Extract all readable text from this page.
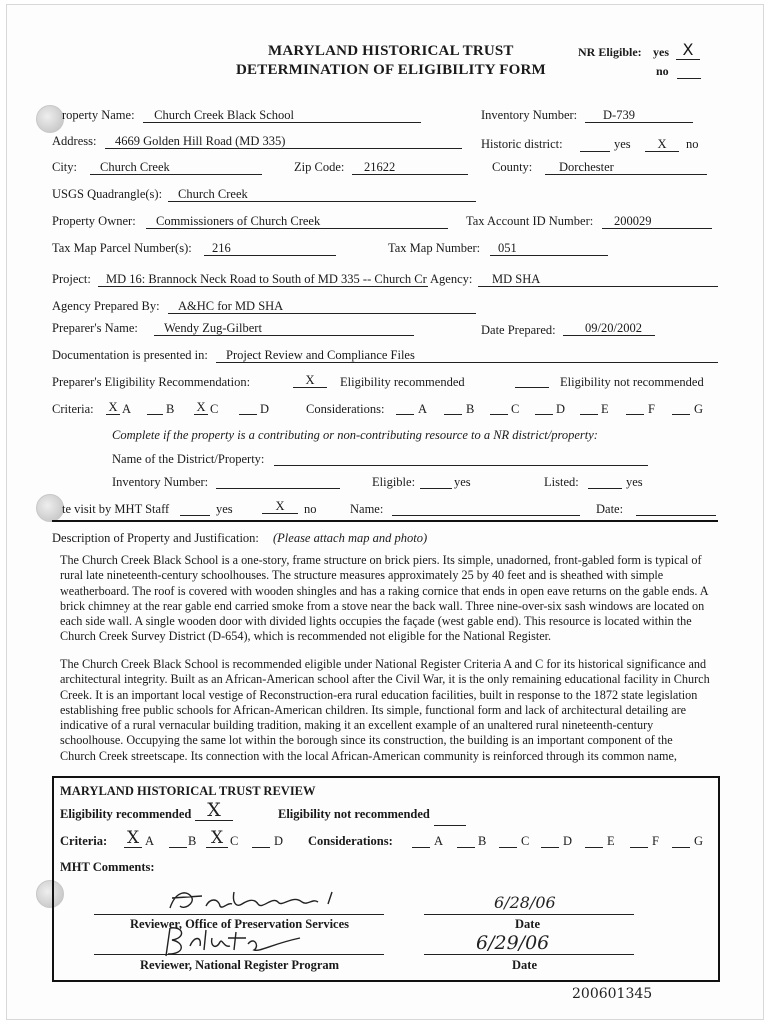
MARYLAND HISTORICAL TRUST
DETERMINATION OF ELIGIBILITY FORM
NR Eligible: yes X
no
roperty Name:	Church Creek Black School	Inventory Number:	D-739
Address:	4669 Golden Hill Road (MD 335)	Historic district:	yes	X	no
City:	Church Creek	Zip Code:	21622	County:	Dorchester
USGS Quadrangle(s):	Church Creek
Property Owner:	Commissioners of Church Creek	Tax Account ID Number:	200029
Tax Map Parcel Number(s):	216	Tax Map Number:	051
Project:	MD 16: Brannock Neck Road to South of MD 335 -- Church Cr Agency:	MD SHA
Agency Prepared By:	A&HC for MD SHA
Preparer's Name:	Wendy Zug-Gilbert	Date Prepared:	09/20/2002
Documentation is presented in:	Project Review and Compliance Files
Preparer's Eligibility Recommendation:	X	Eligibility recommended	Eligibility not recommended
Criteria: X A	B X C	D	Considerations:	A	B	C	D	E	F	G
Complete if the property is a contributing or non-contributing resource to a NR district/property:
Name of the District/Property:
Inventory Number:	Eligible:	yes	Listed:	yes
te visit by MHT Staff	yes	X	no	Name:	Date:
Description of Property and Justification: (Please attach map and photo)
The Church Creek Black School is a one-story, frame structure on brick piers. Its simple, unadorned, front-gabled form is typical of rural late nineteenth-century schoolhouses. The structure measures approximately 25 by 40 feet and is sheathed with simple weatherboard. The roof is covered with wooden shingles and has a raking cornice that ends in open eave returns on the gable ends. A brick chimney at the rear gable end carried smoke from a stove near the back wall. Three nine-over-six sash windows are located on each side wall. A single wooden door with divided lights occupies the façade (west gable end). This resource is located within the Church Creek Survey District (D-654), which is recommended not eligible for the National Register.
The Church Creek Black School is recommended eligible under National Register Criteria A and C for its historical significance and architectural integrity. Built as an African-American school after the Civil War, it is the only remaining educational facility in Church Creek. It is an important local vestige of Reconstruction-era rural education facilities, built in response to the 1872 state legislation establishing free public schools for African-American children. Its simple, functional form and lack of architectural detailing are indicative of a rural vernacular building tradition, making it an excellent example of an unaltered rural nineteenth-century schoolhouse. Occupying the same lot within the borough since its construction, the building is an important component of the Church Creek streetscape. Its connection with the local African-American community is reinforced through its common name,
MARYLAND HISTORICAL TRUST REVIEW
Eligibility recommended X	Eligibility not recommended
Criteria: X A	B X C	D Considerations:	A	B	C	D	E	F	G
MHT Comments:
Reviewer, Office of Preservation Services
6/28/06
Date
Reviewer, National Register Program
6/29/06
Date
200601345
